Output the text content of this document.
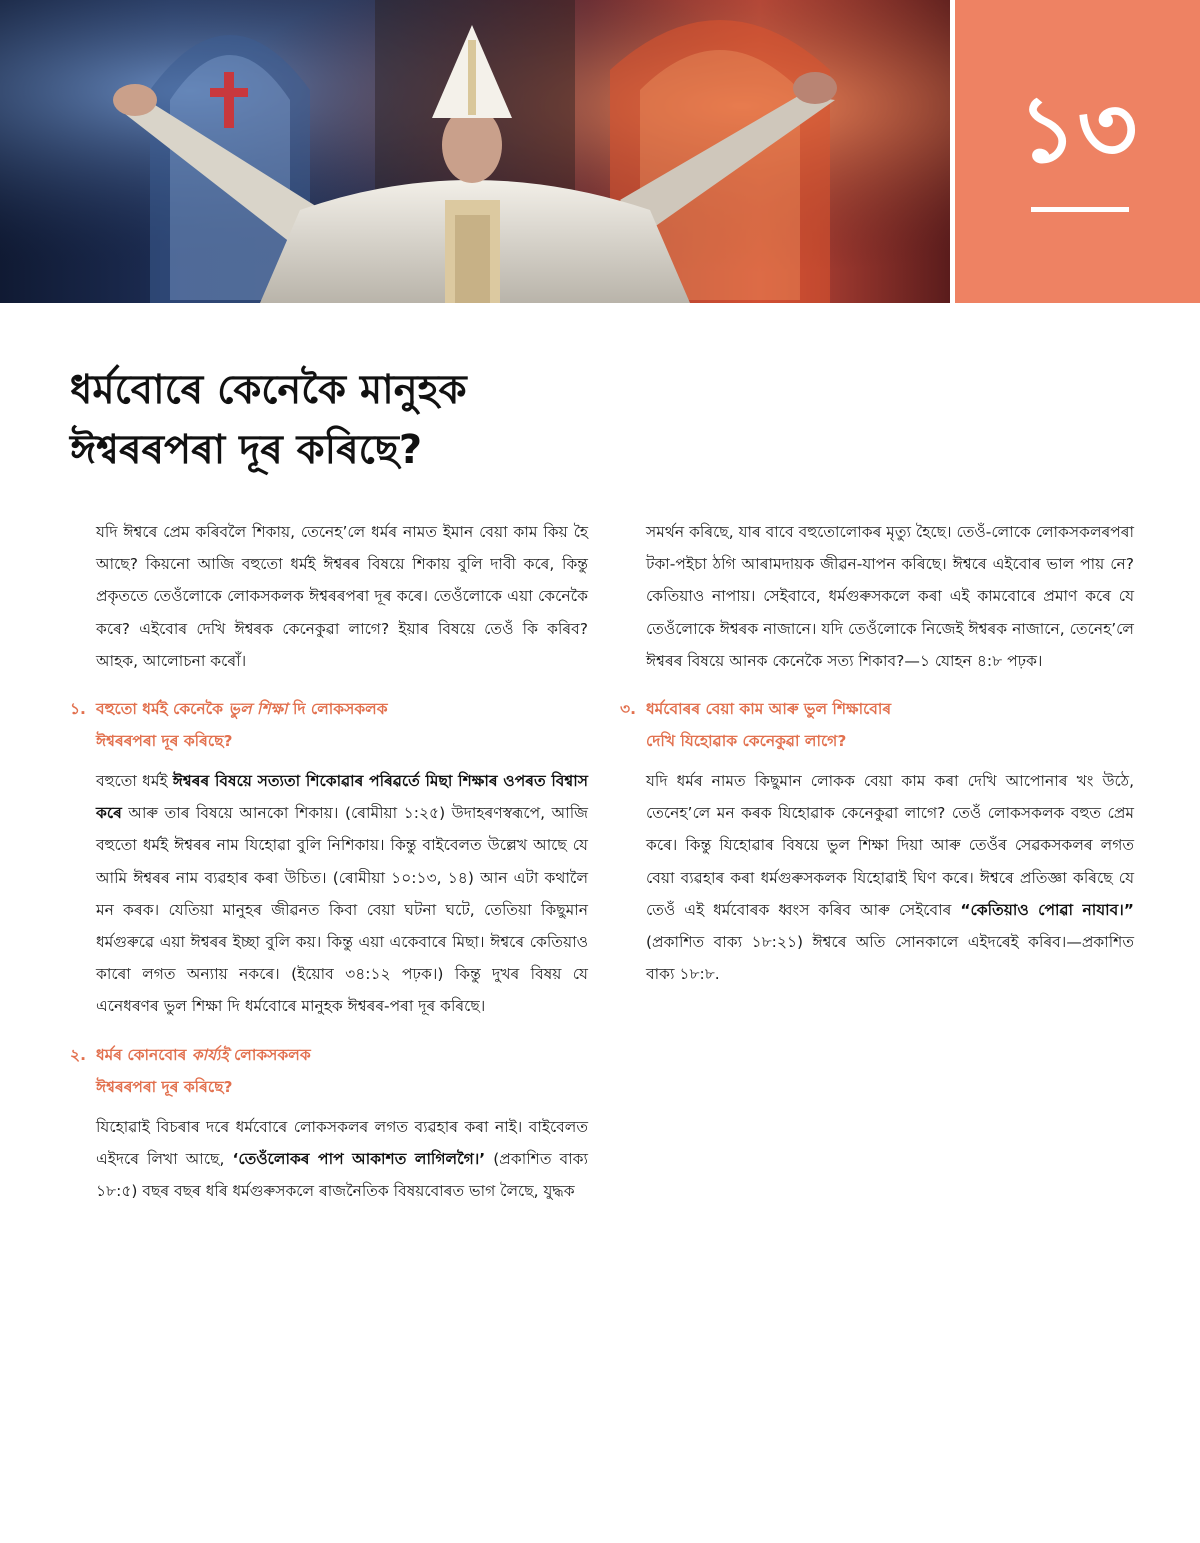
১৩
ধৰ্মবোৰে কেনেকৈ মানুহক
ঈশ্বৰৰপৰা দূৰ কৰিছে?

যদি ঈশ্বৰে প্ৰেম কৰিবলৈ শিকায়, তেনেহ’লে ধৰ্মৰ নামত ইমান বেয়া কাম কিয় হৈ আছে? কিয়নো আজি বহুতো ধৰ্মই ঈশ্বৰৰ বিষয়ে শিকায় বুলি দাবী কৰে, কিন্তু প্ৰকৃততে তেওঁলোকে লোকসকলক ঈশ্বৰৰপৰা দূৰ কৰে। তেওঁলোকে এয়া কেনেকৈ কৰে? এইবোৰ দেখি ঈশ্বৰক কেনেকুৱা লাগে? ইয়াৰ বিষয়ে তেওঁ কি কৰিব? আহক, আলোচনা কৰোঁ।

১. বহুতো ধৰ্মই কেনেকৈ ভুল শিক্ষা দি লোকসকলক
ঈশ্বৰৰপৰা দূৰ কৰিছে?

বহুতো ধৰ্মই ঈশ্বৰৰ বিষয়ে সত্যতা শিকোৱাৰ পৰিৱৰ্তে মিছা শিক্ষাৰ ওপৰত বিশ্বাস কৰে আৰু তাৰ বিষয়ে আনকো শিকায়। (ৰোমীয়া ১:২৫) উদাহৰণস্বৰূপে, আজি বহুতো ধৰ্মই ঈশ্বৰৰ নাম যিহোৱা বুলি নিশিকায়। কিন্তু বাইবেলত উল্লেখ আছে যে আমি ঈশ্বৰৰ নাম ব্যৱহাৰ কৰা উচিত। (ৰোমীয়া ১০:১৩, ১৪) আন এটা কথালৈ মন কৰক। যেতিয়া মানুহৰ জীৱনত কিবা বেয়া ঘটনা ঘটে, তেতিয়া কিছুমান ধৰ্মগুৰুৱে এয়া ঈশ্বৰৰ ইচ্ছা বুলি কয়। কিন্তু এয়া একেবাৰে মিছা। ঈশ্বৰে কেতিয়াও কাৰো লগত অন্যায় নকৰে। (ইয়োব ৩৪:১২ পঢ়ক।) কিন্তু দুখৰ বিষয় যে এনেধৰণৰ ভুল শিক্ষা দি ধৰ্মবোৰে মানুহক ঈশ্বৰৰ-পৰা দূৰ কৰিছে।

২. ধৰ্মৰ কোনবোৰ কাৰ্য্যই লোকসকলক
ঈশ্বৰৰপৰা দূৰ কৰিছে?

যিহোৱাই বিচৰাৰ দৰে ধৰ্মবোৰে লোকসকলৰ লগত ব্যৱহাৰ কৰা নাই। বাইবেলত এইদৰে লিখা আছে, ‘তেওঁলোকৰ পাপ আকাশত লাগিলগৈ।’ (প্ৰকাশিত বাক্য ১৮:৫) বছৰ বছৰ ধৰি ধৰ্মগুৰুসকলে ৰাজনৈতিক বিষয়বোৰত ভাগ লৈছে, যুদ্ধক

সমৰ্থন কৰিছে, যাৰ বাবে বহুতোলোকৰ মৃত্যু হৈছে। তেওঁ-লোকে লোকসকলৰপৰা টকা-পইচা ঠগি আৰামদায়ক জীৱন-যাপন কৰিছে। ঈশ্বৰে এইবোৰ ভাল পায় নে? কেতিয়াও নাপায়। সেইবাবে, ধৰ্মগুৰুসকলে কৰা এই কামবোৰে প্ৰমাণ কৰে যে তেওঁলোকে ঈশ্বৰক নাজানে। যদি তেওঁলোকে নিজেই ঈশ্বৰক নাজানে, তেনেহ’লে ঈশ্বৰৰ বিষয়ে আনক কেনেকৈ সত্য শিকাব?—১ যোহন ৪:৮ পঢ়ক।

৩. ধৰ্মবোৰৰ বেয়া কাম আৰু ভুল শিক্ষাবোৰ
দেখি যিহোৱাক কেনেকুৱা লাগে?

যদি ধৰ্মৰ নামত কিছুমান লোকক বেয়া কাম কৰা দেখি আপোনাৰ খং উঠে, তেনেহ’লে মন কৰক যিহোৱাক কেনেকুৱা লাগে? তেওঁ লোকসকলক বহুত প্ৰেম কৰে। কিন্তু যিহোৱাৰ বিষয়ে ভুল শিক্ষা দিয়া আৰু তেওঁৰ সেৱকসকলৰ লগত বেয়া ব্যৱহাৰ কৰা ধৰ্মগুৰুসকলক যিহোৱাই ঘিণ কৰে। ঈশ্বৰে প্ৰতিজ্ঞা কৰিছে যে তেওঁ এই ধৰ্মবোৰক ধ্বংস কৰিব আৰু সেইবোৰ “কেতিয়াও পোৱা নাযাব।” (প্ৰকাশিত বাক্য ১৮:২১) ঈশ্বৰে অতি সোনকালে এইদৰেই কৰিব।—প্ৰকাশিত বাক্য ১৮:৮.
